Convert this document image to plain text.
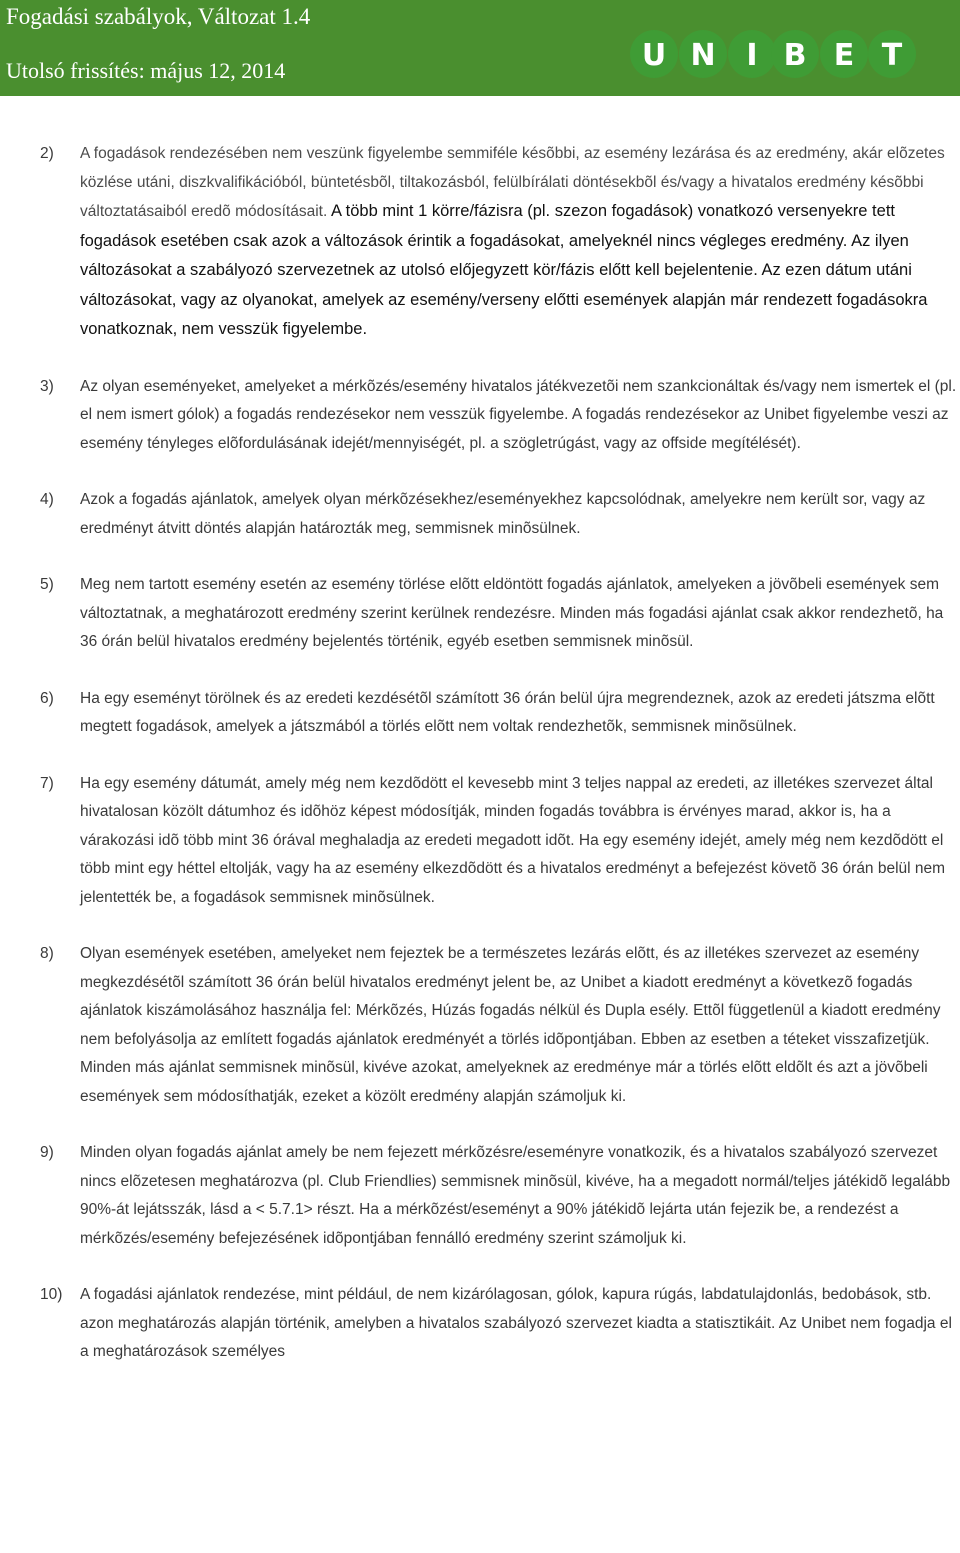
Fogadási szabályok, Változat 1.4
Utolsó frissítés: május 12, 2014	U N I B E T
2) A fogadások rendezésében nem veszünk figyelembe semmiféle késõbbi, az esemény lezárása és az eredmény, akár elõzetes közlése utáni, diszkvalifikációból, büntetésbõl, tiltakozásból, felülbírálati döntésekbõl és/vagy a hivatalos eredmény késõbbi változtatásaiból eredõ módosításait. A több mint 1 körre/fázisra (pl. szezon fogadások) vonatkozó versenyekre tett fogadások esetében csak azok a változások érintik a fogadásokat, amelyeknél nincs végleges eredmény. Az ilyen változásokat a szabályozó szervezetnek az utolsó előjegyzett kör/fázis előtt kell bejelentenie. Az ezen dátum utáni változásokat, vagy az olyanokat, amelyek az esemény/verseny előtti események alapján már rendezett fogadásokra vonatkoznak, nem vesszük figyelembe.
3) Az olyan eseményeket, amelyeket a mérkõzés/esemény hivatalos játékvezetõi nem szankcionáltak és/vagy nem ismertek el (pl. el nem ismert gólok) a fogadás rendezésekor nem vesszük figyelembe. A fogadás rendezésekor az Unibet figyelembe veszi az esemény tényleges elõfordulásának idejét/mennyiségét, pl. a szögletrúgást, vagy az offside megítélését).
4) Azok a fogadás ajánlatok, amelyek olyan mérkõzésekhez/eseményekhez kapcsolódnak, amelyekre nem került sor, vagy az eredményt átvitt döntés alapján határozták meg, semmisnek minõsülnek.
5) Meg nem tartott esemény esetén az esemény törlése elõtt eldöntött fogadás ajánlatok, amelyeken a jövõbeli események sem változtatnak, a meghatározott eredmény szerint kerülnek rendezésre. Minden más fogadási ajánlat csak akkor rendezhetõ, ha 36 órán belül hivatalos eredmény bejelentés történik, egyéb esetben semmisnek minõsül.
6) Ha egy eseményt törölnek és az eredeti kezdésétõl számított 36 órán belül újra megrendeznek, azok az eredeti játszma elõtt megtett fogadások, amelyek a játszmából a törlés elõtt nem voltak rendezhetõk, semmisnek minõsülnek.
7) Ha egy esemény dátumát, amely még nem kezdõdött el kevesebb mint 3 teljes nappal az eredeti, az illetékes szervezet által hivatalosan közölt dátumhoz és idõhöz képest módosítják, minden fogadás továbbra is érvényes marad, akkor is, ha a várakozási idõ több mint 36 órával meghaladja az eredeti megadott idõt. Ha egy esemény idejét, amely még nem kezdõdött el több mint egy héttel eltolják, vagy ha az esemény elkezdõdött és a hivatalos eredményt a befejezést követõ 36 órán belül nem jelentették be, a fogadások semmisnek minõsülnek.
8) Olyan események esetében, amelyeket nem fejeztek be a természetes lezárás elõtt, és az illetékes szervezet az esemény megkezdésétõl számított 36 órán belül hivatalos eredményt jelent be, az Unibet a kiadott eredményt a következõ fogadás ajánlatok kiszámolásához használja fel: Mérkõzés, Húzás fogadás nélkül és Dupla esély. Ettõl függetlenül a kiadott eredmény nem befolyásolja az említett fogadás ajánlatok eredményét a törlés idõpontjában. Ebben az esetben a téteket visszafizetjük. Minden más ajánlat semmisnek minõsül, kivéve azokat, amelyeknek az eredménye már a törlés elõtt eldõlt és azt a jövõbeli események sem módosíthatják, ezeket a közölt eredmény alapján számoljuk ki.
9) Minden olyan fogadás ajánlat amely be nem fejezett mérkõzésre/eseményre vonatkozik, és a hivatalos szabályozó szervezet nincs elõzetesen meghatározva (pl. Club Friendlies) semmisnek minõsül, kivéve, ha a megadott normál/teljes játékidõ legalább 90%-át lejátsszák, lásd a < 5.7.1> részt. Ha a mérkõzést/eseményt a 90% játékidõ lejárta után fejezik be, a rendezést a mérkõzés/esemény befejezésének idõpontjában fennálló eredmény szerint számoljuk ki.
10) A fogadási ajánlatok rendezése, mint például, de nem kizárólagosan, gólok, kapura rúgás, labdatulajdonlás, bedobások, stb. azon meghatározás alapján történik, amelyben a hivatalos szabályozó szervezet kiadta a statisztikáit. Az Unibet nem fogadja el a meghatározások személyes
